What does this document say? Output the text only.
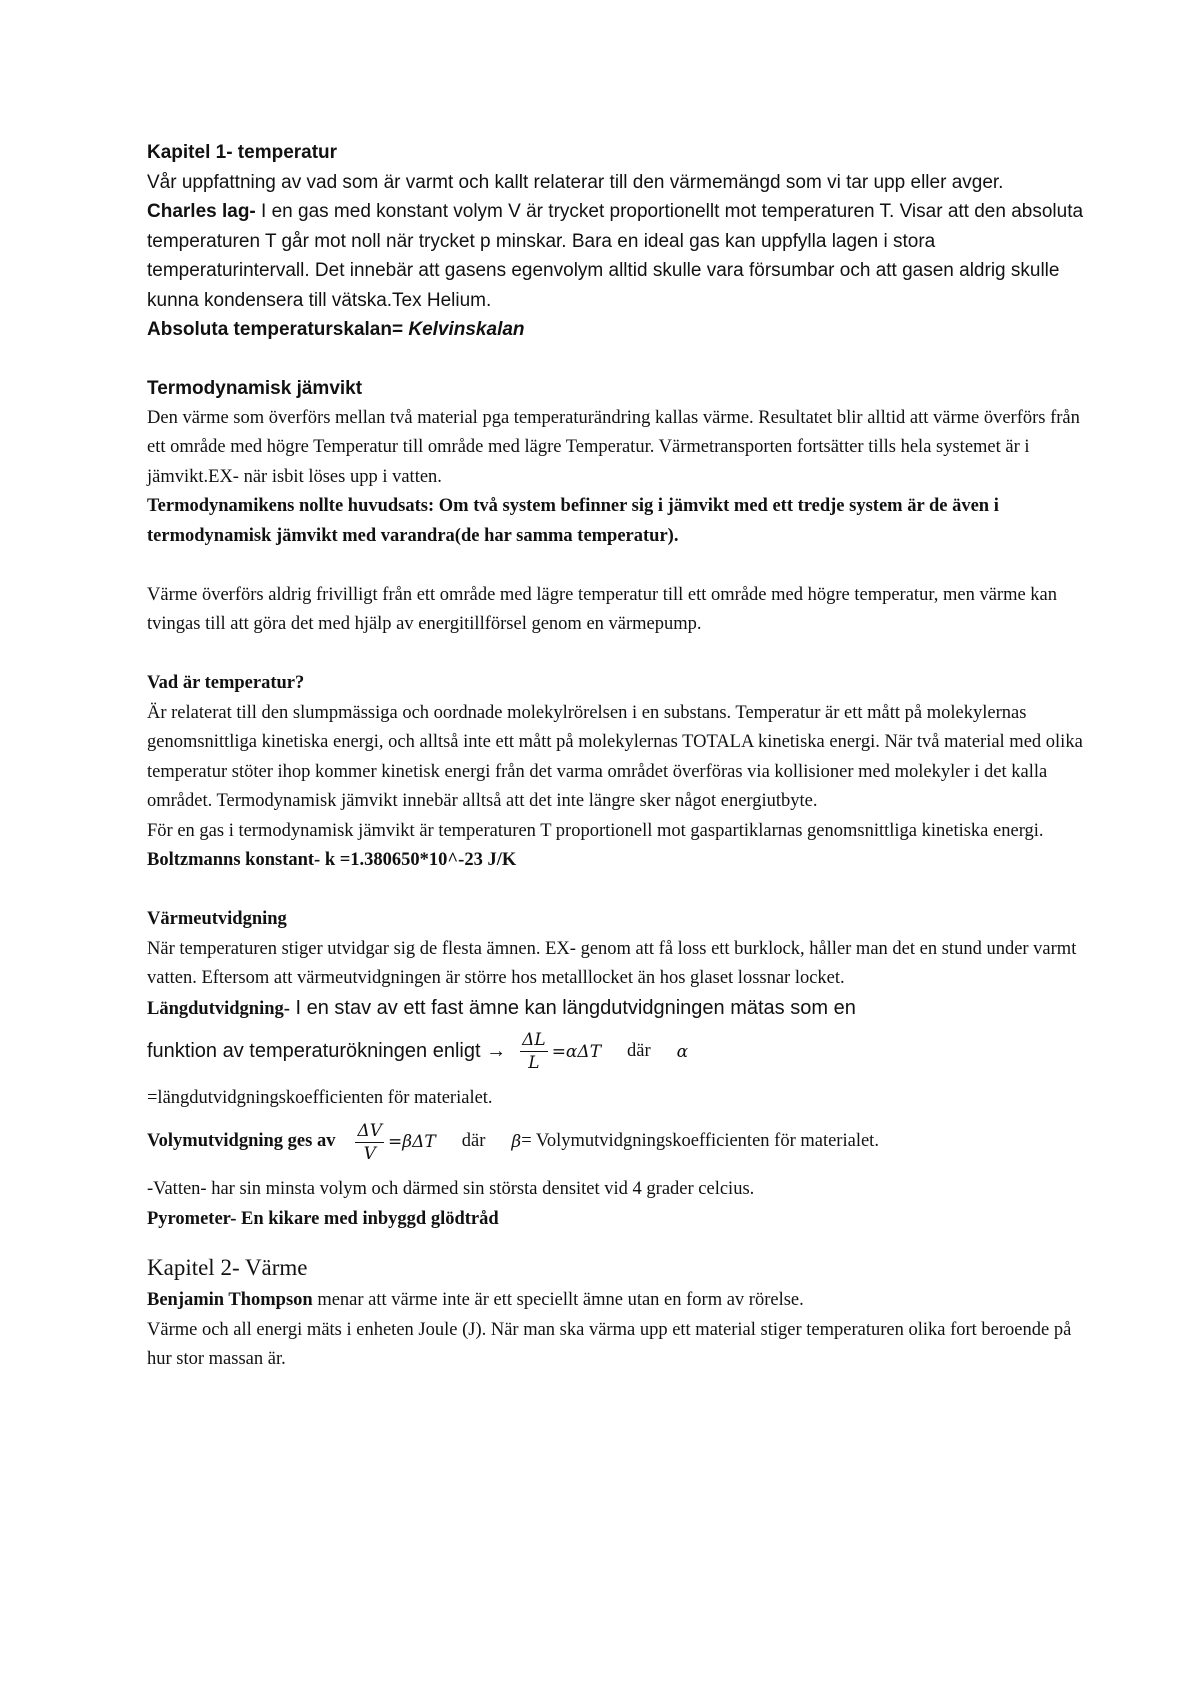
Kapitel 1- temperatur

Vår uppfattning av vad som är varmt och kallt relaterar till den värmemängd som vi tar upp eller avger.

Charles lag- I en gas med konstant volym V är trycket proportionellt mot temperaturen T. Visar att den absoluta temperaturen T går mot noll när trycket p minskar. Bara en ideal gas kan uppfylla lagen i stora temperaturintervall. Det innebär att gasens egenvolym alltid skulle vara försumbar och att gasen aldrig skulle kunna kondensera till vätska.Tex Helium.

Absoluta temperaturskalan= Kelvinskalan

Termodynamisk jämvikt

Den värme som överförs mellan två material pga temperaturändring kallas värme. Resultatet blir alltid att värme överförs från ett område med högre Temperatur till område med lägre Temperatur. Värmetransporten fortsätter tills hela systemet är i jämvikt.EX- när isbit löses upp i vatten.

Termodynamikens nollte huvudsats: Om två system befinner sig i jämvikt med ett tredje system är de även i termodynamisk jämvikt med varandra(de har samma temperatur).

Värme överförs aldrig frivilligt från ett område med lägre temperatur till ett område med högre temperatur, men värme kan tvingas till att göra det med hjälp av energitillförsel genom en värmepump.

Vad är temperatur?

Är relaterat till den slumpmässiga och oordnade molekylrörelsen i en substans. Temperatur är ett mått på molekylernas genomsnittliga kinetiska energi, och alltså inte ett mått på molekylernas TOTALA kinetiska energi. När två material med olika temperatur stöter ihop kommer kinetisk energi från det varma området överföras via kollisioner med molekyler i det kalla området. Termodynamisk jämvikt innebär alltså att det inte längre sker något energiutbyte.

För en gas i termodynamisk jämvikt är temperaturen T proportionell mot gaspartiklarnas genomsnittliga kinetiska energi.

Boltzmanns konstant- k =1.380650*10^-23 J/K

Värmeutvidgning

När temperaturen stiger utvidgar sig de flesta ämnen. EX- genom att få loss ett burklock, håller man det en stund under varmt vatten. Eftersom att värmeutvidgningen är större hos metalllocket än hos glaset lossnar locket.

Längdutvidgning- I en stav av ett fast ämne kan längdutvidgningen mätas som en

funktion av temperaturökningen enligt → $\frac{\Delta L}{L} =\alpha\Delta T$ där α

=längdutvidgningskoefficienten för materialet.

Volymutvidgning ges av $\frac{\Delta V}{V} =\beta\Delta T$ där β = Volymutvidgningskoefficienten för materialet.

-Vatten- har sin minsta volym och därmed sin största densitet vid 4 grader celcius.

Pyrometer- En kikare med inbyggd glödtråd

Kapitel 2- Värme

Benjamin Thompson menar att värme inte är ett speciellt ämne utan en form av rörelse.

Värme och all energi mäts i enheten Joule (J). När man ska värma upp ett material stiger temperaturen olika fort beroende på hur stor massan är.
